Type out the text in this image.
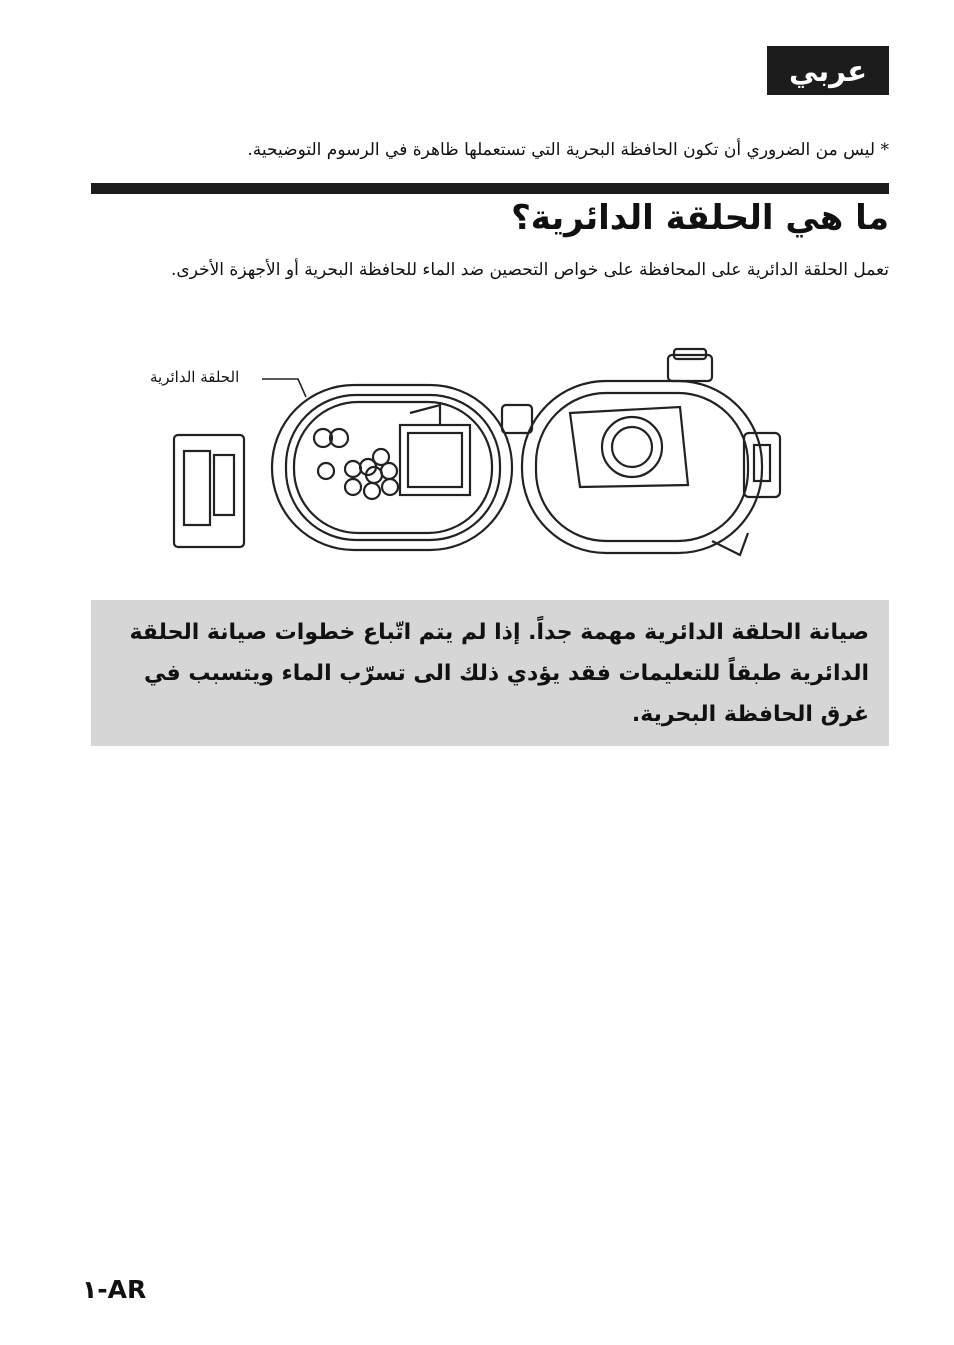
عربي
* ليس من الضروري أن تكون الحافظة البحرية التي تستعملها ظاهرة في الرسوم التوضيحية.
ما هي الحلقة الدائرية؟
تعمل الحلقة الدائرية على المحافظة على خواص التحصين ضد الماء للحافظة البحرية أو الأجهزة الأخرى.
الحلقة الدائرية
صيانة الحلقة الدائرية مهمة جداً. إذا لم يتم اتّباع خطوات صيانة الحلقة الدائرية طبقاً للتعليمات فقد يؤدي ذلك الى تسرّب الماء ويتسبب في غرق الحافظة البحرية.
١-AR
